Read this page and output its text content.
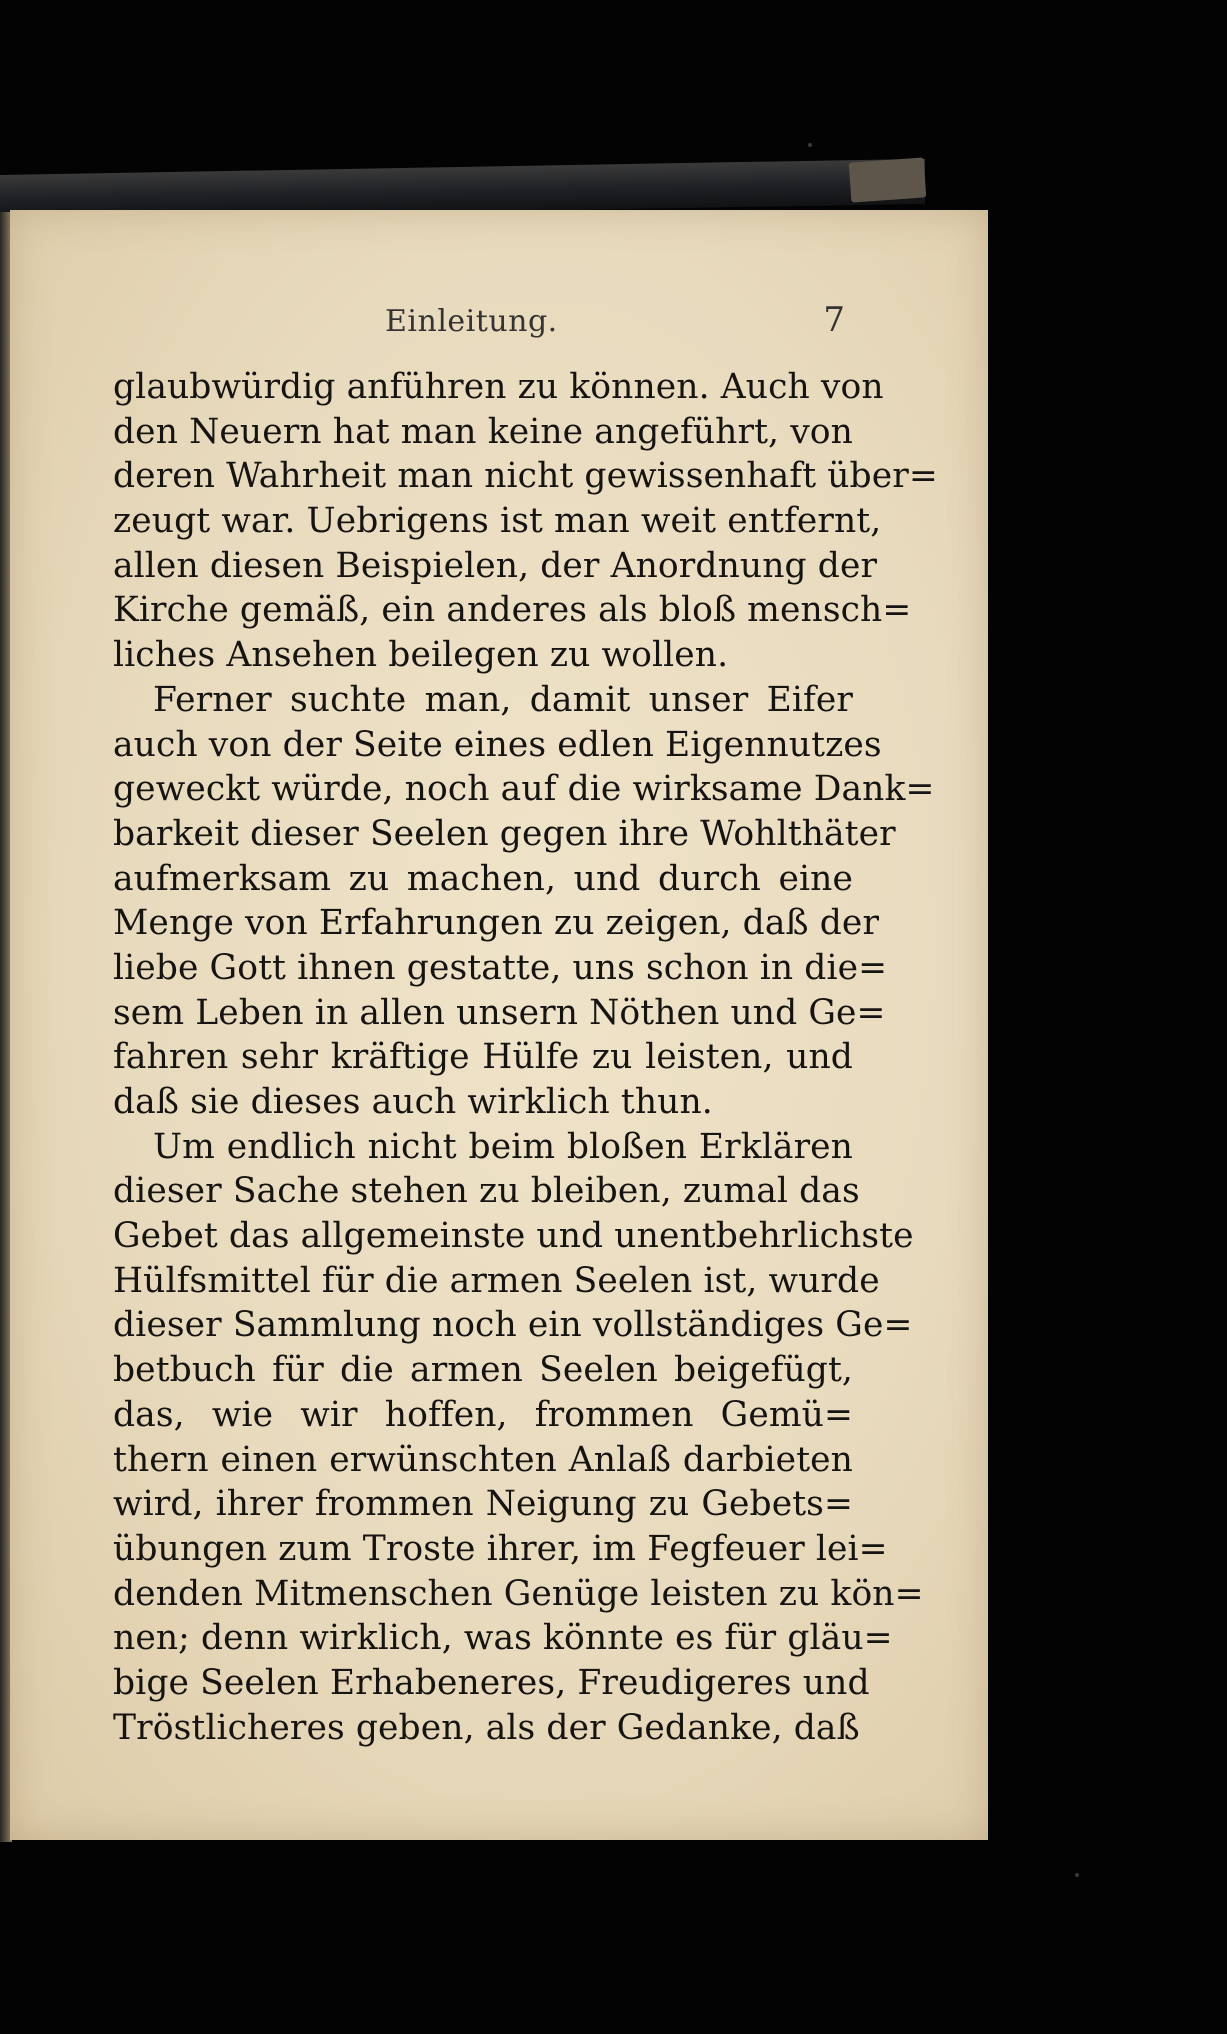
Einleitung.	7
glaubwürdig anführen zu können. Auch von
den Neuern hat man keine angeführt, von
deren Wahrheit man nicht gewissenhaft über=
zeugt war. Uebrigens ist man weit entfernt,
allen diesen Beispielen, der Anordnung der
Kirche gemäß, ein anderes als bloß mensch=
liches Ansehen beilegen zu wollen.
Ferner suchte man, damit unser Eifer
auch von der Seite eines edlen Eigennutzes
geweckt würde, noch auf die wirksame Dank=
barkeit dieser Seelen gegen ihre Wohlthäter
aufmerksam zu machen, und durch eine
Menge von Erfahrungen zu zeigen, daß der
liebe Gott ihnen gestatte, uns schon in die=
sem Leben in allen unsern Nöthen und Ge=
fahren sehr kräftige Hülfe zu leisten, und
daß sie dieses auch wirklich thun.
Um endlich nicht beim bloßen Erklären
dieser Sache stehen zu bleiben, zumal das
Gebet das allgemeinste und unentbehrlichste
Hülfsmittel für die armen Seelen ist, wurde
dieser Sammlung noch ein vollständiges Ge=
betbuch für die armen Seelen beigefügt,
das, wie wir hoffen, frommen Gemü=
thern einen erwünschten Anlaß darbieten
wird, ihrer frommen Neigung zu Gebets=
übungen zum Troste ihrer, im Fegfeuer lei=
denden Mitmenschen Genüge leisten zu kön=
nen; denn wirklich, was könnte es für gläu=
bige Seelen Erhabeneres, Freudigeres und
Tröstlicheres geben, als der Gedanke, daß
